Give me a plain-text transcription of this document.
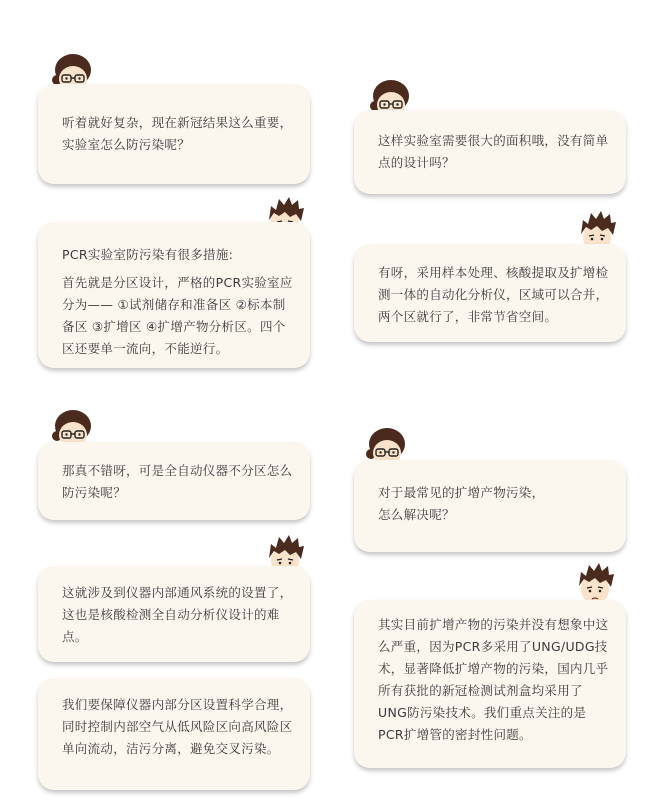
听着就好复杂，现在新冠结果这么重要，实验室怎么防污染呢？

PCR实验室防污染有很多措施:

首先就是分区设计，严格的PCR实验室应分为—— ①试剂储存和准备区 ②标本制备区 ③扩增区 ④扩增产物分析区。四个区还要单一流向，不能逆行。

那真不错呀，可是全自动仪器不分区怎么防污染呢？

这就涉及到仪器内部通风系统的设置了，这也是核酸检测全自动分析仪设计的难点。

我们要保障仪器内部分区设置科学合理，同时控制内部空气从低风险区向高风险区单向流动，洁污分离，避免交叉污染。

这样实验室需要很大的面积哦，没有简单点的设计吗？

有呀，采用样本处理、核酸提取及扩增检测一体的自动化分析仪，区域可以合并，两个区就行了，非常节省空间。

对于最常见的扩增产物污染，

怎么解决呢？

其实目前扩增产物的污染并没有想象中这么严重，因为PCR多采用了UNG/UDG技术，显著降低扩增产物的污染，国内几乎所有获批的新冠检测试剂盒均采用了UNG防污染技术。我们重点关注的是PCR扩增管的密封性问题。
